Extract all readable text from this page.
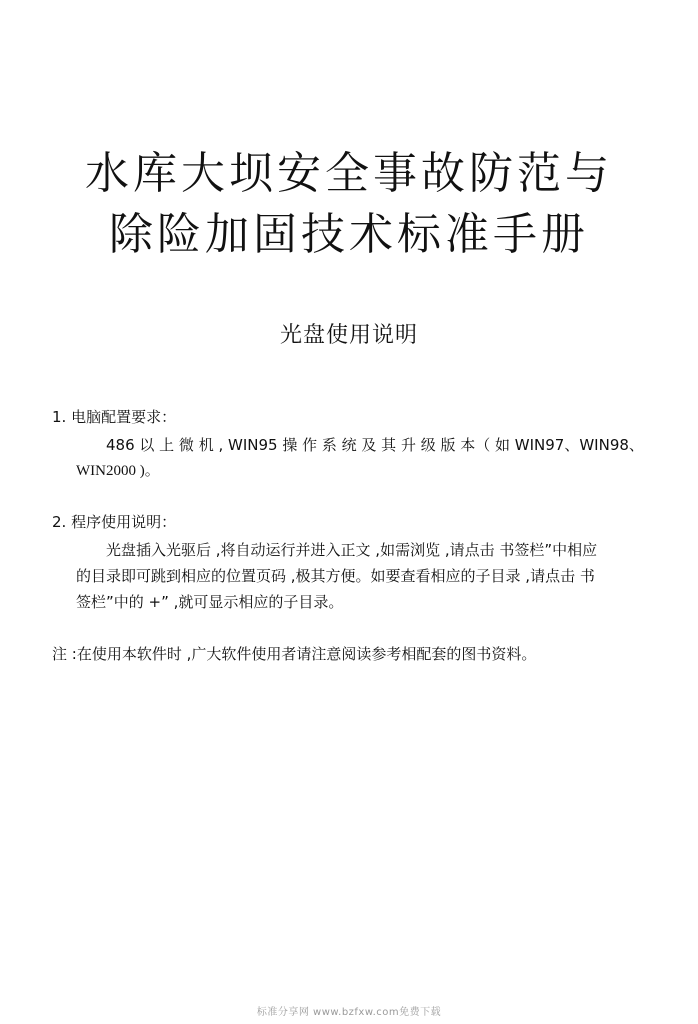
水库大坝安全事故防范与
除险加固技术标准手册
光盘使用说明
1. 电脑配置要求：
486 以 上 微 机 , WIN95 操 作 系 统 及 其 升 级 版 本（ 如 WIN97、WIN98、
WIN2000 )。
2. 程序使用说明：
光盘插入光驱后 ,将自动运行并进入正文 ,如需浏览 ,请点击 书签栏”中相应
的目录即可跳到相应的位置页码 ,极其方便。如要查看相应的子目录 ,请点击 书
签栏”中的 +” ,就可显示相应的子目录。
注 :在使用本软件时 ,广大软件使用者请注意阅读参考相配套的图书资料。
标准分享网 www.bzfxw.com免费下载
